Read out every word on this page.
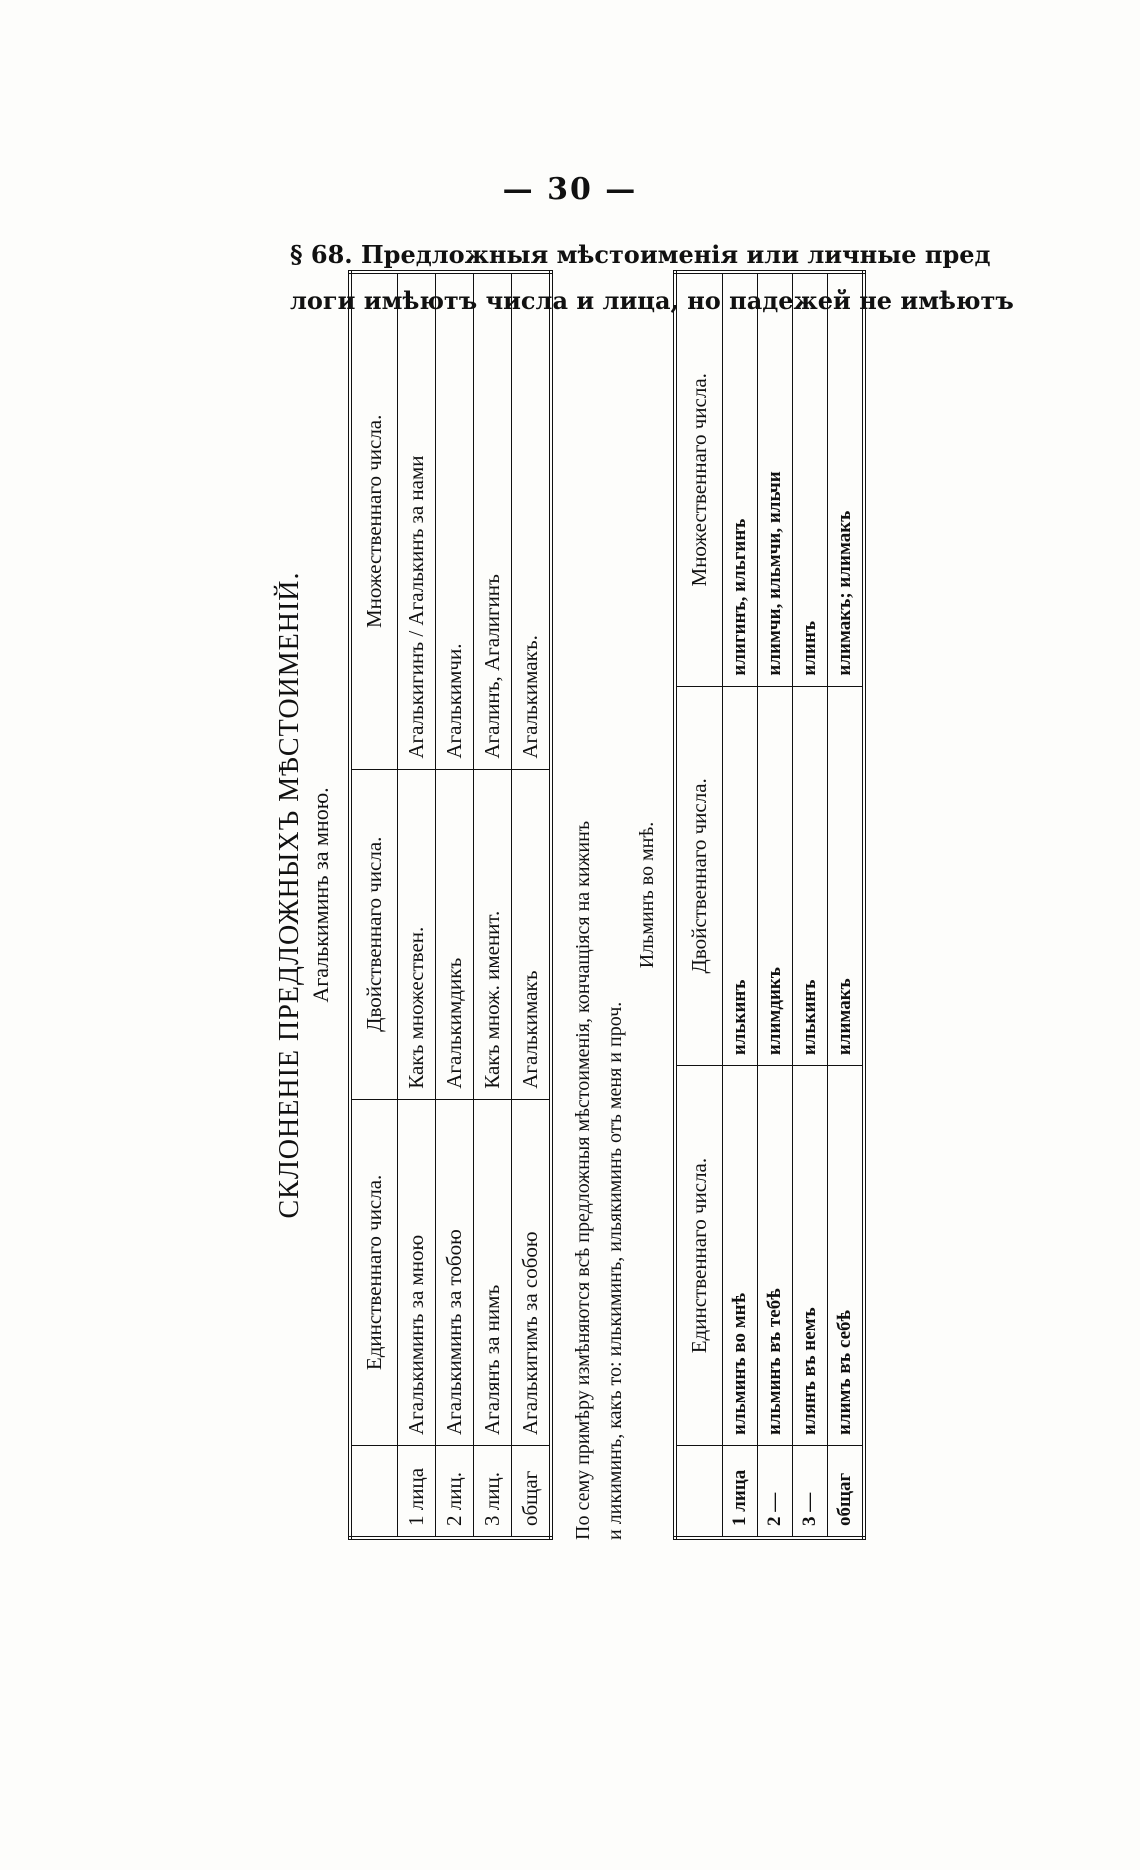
— 30 —
§ 68. Предложныя мѣстоименія или личные пред
логи имѣютъ числа и лица, но падежей не имѣютъ
СКЛОНЕНІЕ ПРЕДЛОЖНЫХЪ МѢСТОИМЕНІЙ. Агалькиминъ за мною.
	Единственнаго числа.	Двойственнаго числа.	Множественнаго числа.
1 лица	Агалькиминъ за мною	Какъ множествен.	Агалькигинъ / Агалькинъ за нами
2 лиц.	Агалькиминъ за тобою	Агалькимдикъ	Агалькимчи.
3 лиц.	Агалянъ за нимъ	Какъ множ. именит.	Агалинъ, Агалигинъ
общаг	Агалькигимъ за собою	Агалькимакъ	Агалькимакъ.
По сему примѣру измѣняются всѣ предложныя мѣстоименія, кончащіяся на кижинъ и ликиминъ, какъ то: илькиминъ, ильякиминъ отъ меня и проч.
Ильминъ во мнѣ.
	Единственнаго числа.	Двойственнаго числа.	Множественнаго числа.
1 лица	ильминъ во мнѣ	илькинъ	илигинъ, ильгинъ
2 —	ильминъ въ тебѣ	илимдикъ	илимчи, ильмчи, ильчи
3 —	илянъ въ немъ	илькинъ	илинъ
общаг	илимъ въ себѣ	илимакъ	илимакъ; илимакъ
